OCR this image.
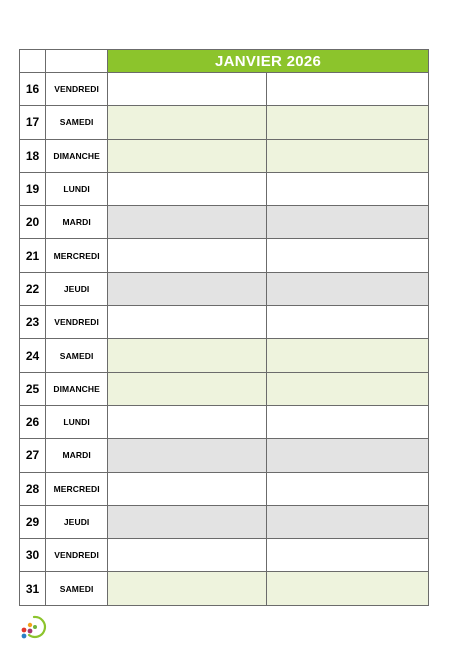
		JANVIER 2026	
16	VENDREDI		
17	SAMEDI		
18	DIMANCHE		
19	LUNDI		
20	MARDI		
21	MERCREDI		
22	JEUDI		
23	VENDREDI		
24	SAMEDI		
25	DIMANCHE		
26	LUNDI		
27	MARDI		
28	MERCREDI		
29	JEUDI		
30	VENDREDI		
31	SAMEDI		
